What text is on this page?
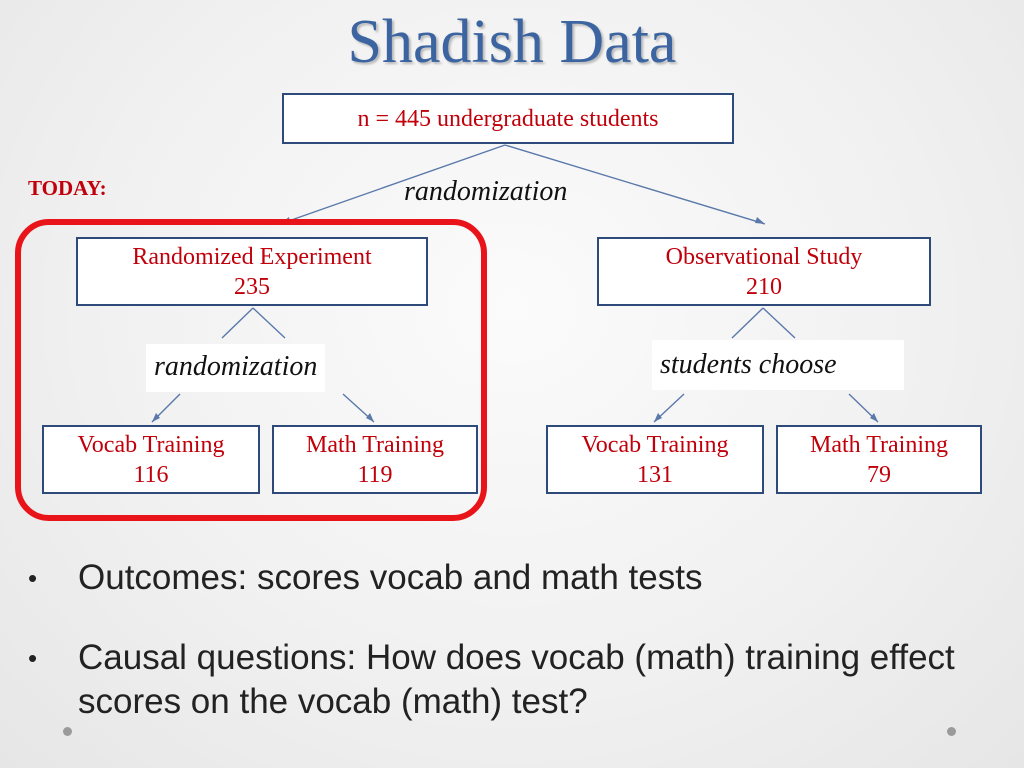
Shadish Data
n = 445 undergraduate students
randomization
TODAY:
Randomized Experiment
235
Observational Study
210
randomization	students choose
Vocab Training
116
Math Training
119
Vocab Training
131
Math Training
79
• Outcomes: scores vocab and math tests
• Causal questions: How does vocab (math) training effect scores on the vocab (math) test?
